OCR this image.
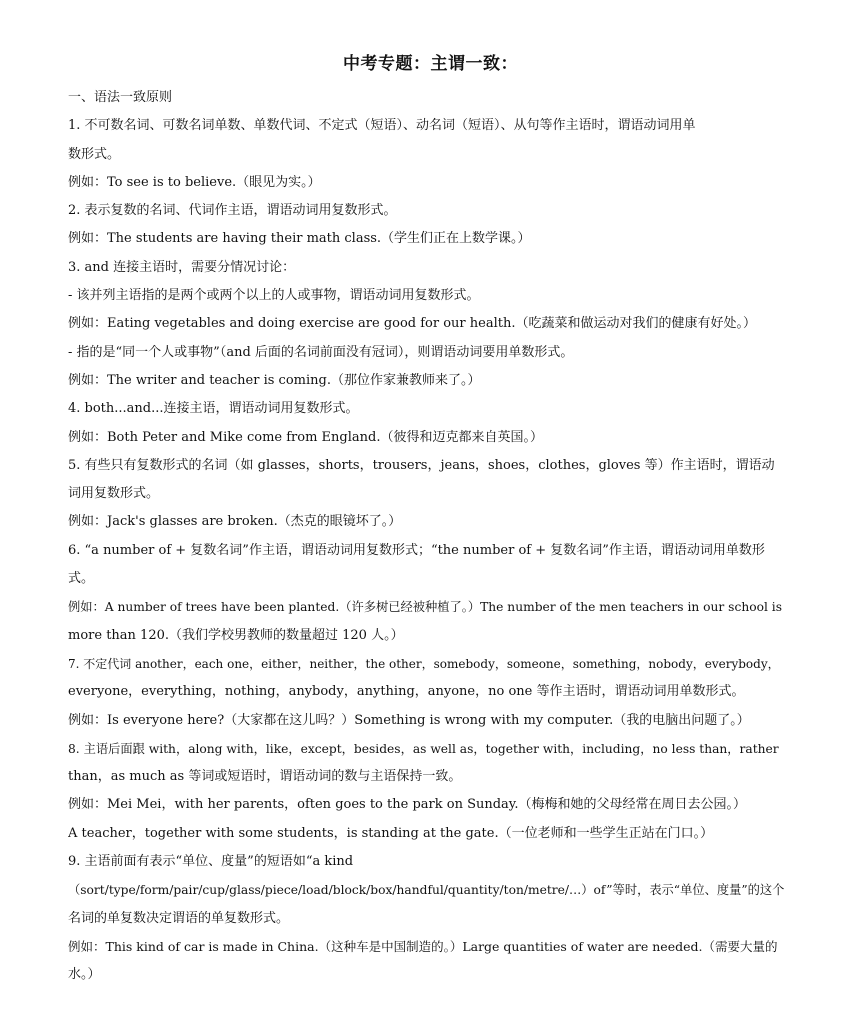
中考专题：主谓一致：
一、语法一致原则
1. 不可数名词、可数名词单数、单数代词、不定式（短语）、动名词（短语）、从句等作主语时，谓语动词用单
数形式。
例如：To see is to believe.（眼见为实。）
2. 表示复数的名词、代词作主语，谓语动词用复数形式。
例如：The students are having their math class.（学生们正在上数学课。）
3. and 连接主语时，需要分情况讨论：
- 该并列主语指的是两个或两个以上的人或事物，谓语动词用复数形式。
例如：Eating vegetables and doing exercise are good for our health.（吃蔬菜和做运动对我们的健康有好处。）
- 指的是“同一个人或事物”（and 后面的名词前面没有冠词），则谓语动词要用单数形式。
例如：The writer and teacher is coming.（那位作家兼教师来了。）
4. both...and...连接主语，谓语动词用复数形式。
例如：Both Peter and Mike come from England.（彼得和迈克都来自英国。）
5. 有些只有复数形式的名词（如 glasses，shorts，trousers，jeans，shoes，clothes，gloves 等）作主语时，谓语动
词用复数形式。
例如：Jack's glasses are broken.（杰克的眼镜坏了。）
6. “a number of + 复数名词”作主语，谓语动词用复数形式；“the number of + 复数名词”作主语，谓语动词用单数形
式。
例如：A number of trees have been planted.（许多树已经被种植了。）The number of the men teachers in our school is
more than 120.（我们学校男教师的数量超过 120 人。）
7. 不定代词 another，each one，either，neither，the other，somebody，someone，something，nobody，everybody，
everyone，everything，nothing，anybody，anything，anyone，no one 等作主语时，谓语动词用单数形式。
例如：Is everyone here?（大家都在这儿吗？）Something is wrong with my computer.（我的电脑出问题了。）
8. 主语后面跟 with，along with，like，except，besides，as well as，together with，including，no less than，rather
than，as much as 等词或短语时，谓语动词的数与主语保持一致。
例如：Mei Mei，with her parents，often goes to the park on Sunday.（梅梅和她的父母经常在周日去公园。）
A teacher，together with some students，is standing at the gate.（一位老师和一些学生正站在门口。）
9. 主语前面有表示“单位、度量”的短语如“a kind
（sort/type/form/pair/cup/glass/piece/load/block/box/handful/quantity/ton/metre/…）of”等时，表示“单位、度量”的这个
名词的单复数决定谓语的单复数形式。
例如：This kind of car is made in China.（这种车是中国制造的。）Large quantities of water are needed.（需要大量的
水。）
